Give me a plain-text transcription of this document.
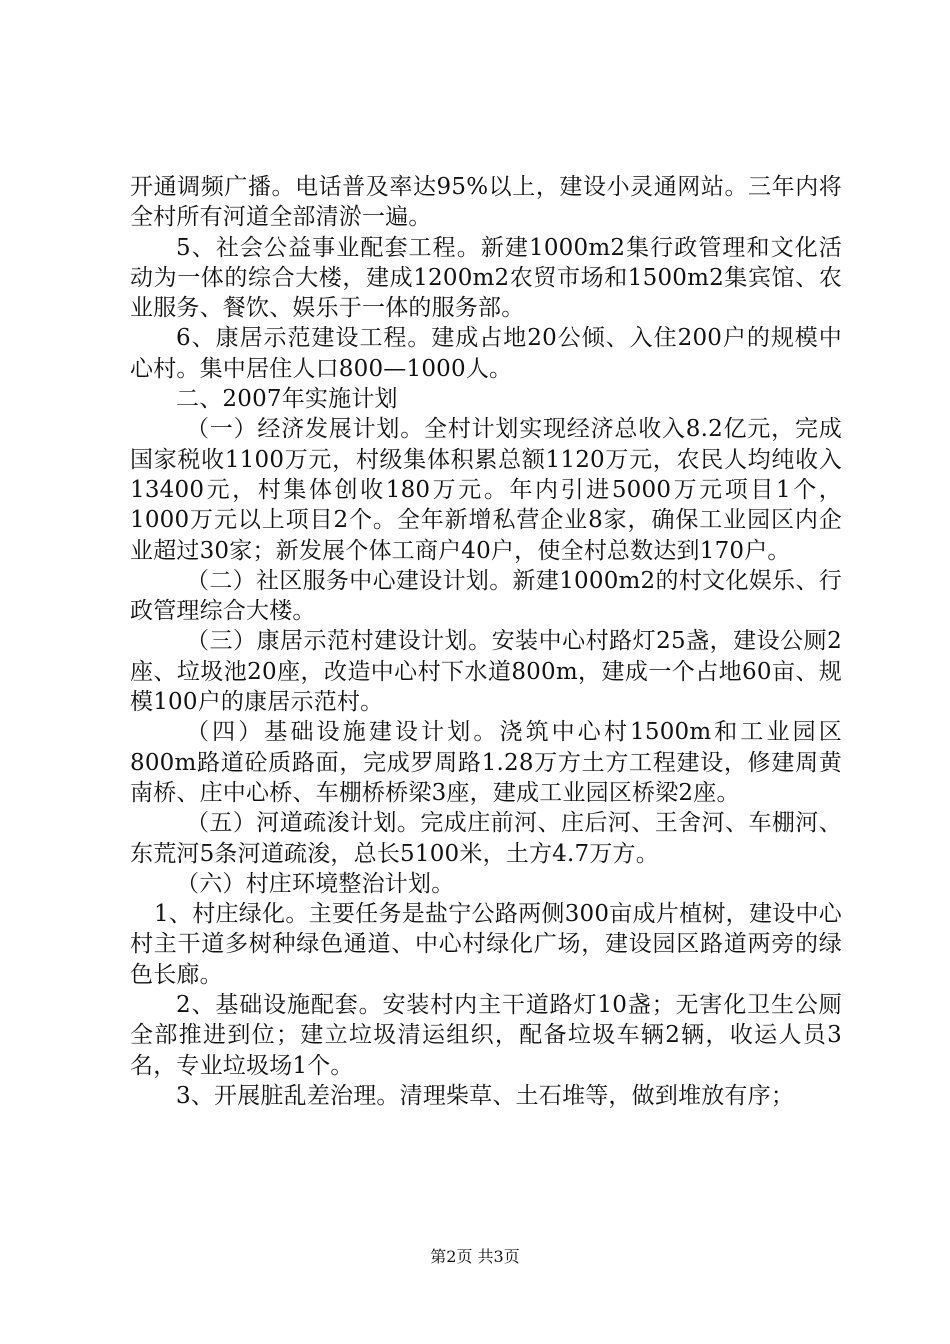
开通调频广播。电话普及率达95%以上，建设小灵通网站。三年内将全村所有河道全部清淤一遍。

5、社会公益事业配套工程。新建1000m2集行政管理和文化活动为一体的综合大楼，建成1200m2农贸市场和1500m2集宾馆、农业服务、餐饮、娱乐于一体的服务部。

6、康居示范建设工程。建成占地20公倾、入住200户的规模中心村。集中居住人口800—1000人。

二、2007年实施计划

（一）经济发展计划。全村计划实现经济总收入8.2亿元，完成国家税收1100万元，村级集体积累总额1120万元，农民人均纯收入13400元，村集体创收180万元。年内引进5000万元项目1个，1000万元以上项目2个。全年新增私营企业8家，确保工业园区内企业超过30家；新发展个体工商户40户，使全村总数达到170户。

（二）社区服务中心建设计划。新建1000m2的村文化娱乐、行政管理综合大楼。

（三）康居示范村建设计划。安装中心村路灯25盏，建设公厕2座、垃圾池20座，改造中心村下水道800m，建成一个占地60亩、规模100户的康居示范村。

（四）基础设施建设计划。浇筑中心村1500m和工业园区800m路道砼质路面，完成罗周路1.28万方土方工程建设，修建周黄南桥、庄中心桥、车棚桥桥梁3座，建成工业园区桥梁2座。

（五）河道疏浚计划。完成庄前河、庄后河、王舍河、车棚河、东荒河5条河道疏浚，总长5100米，土方4.7万方。

（六）村庄环境整治计划。

1、村庄绿化。主要任务是盐宁公路两侧300亩成片植树，建设中心村主干道多树种绿色通道、中心村绿化广场，建设园区路道两旁的绿色长廊。

2、基础设施配套。安装村内主干道路灯10盏；无害化卫生公厕全部推进到位；建立垃圾清运组织，配备垃圾车辆2辆，收运人员3名，专业垃圾场1个。

3、开展脏乱差治理。清理柴草、土石堆等，做到堆放有序；

第2页 共3页
